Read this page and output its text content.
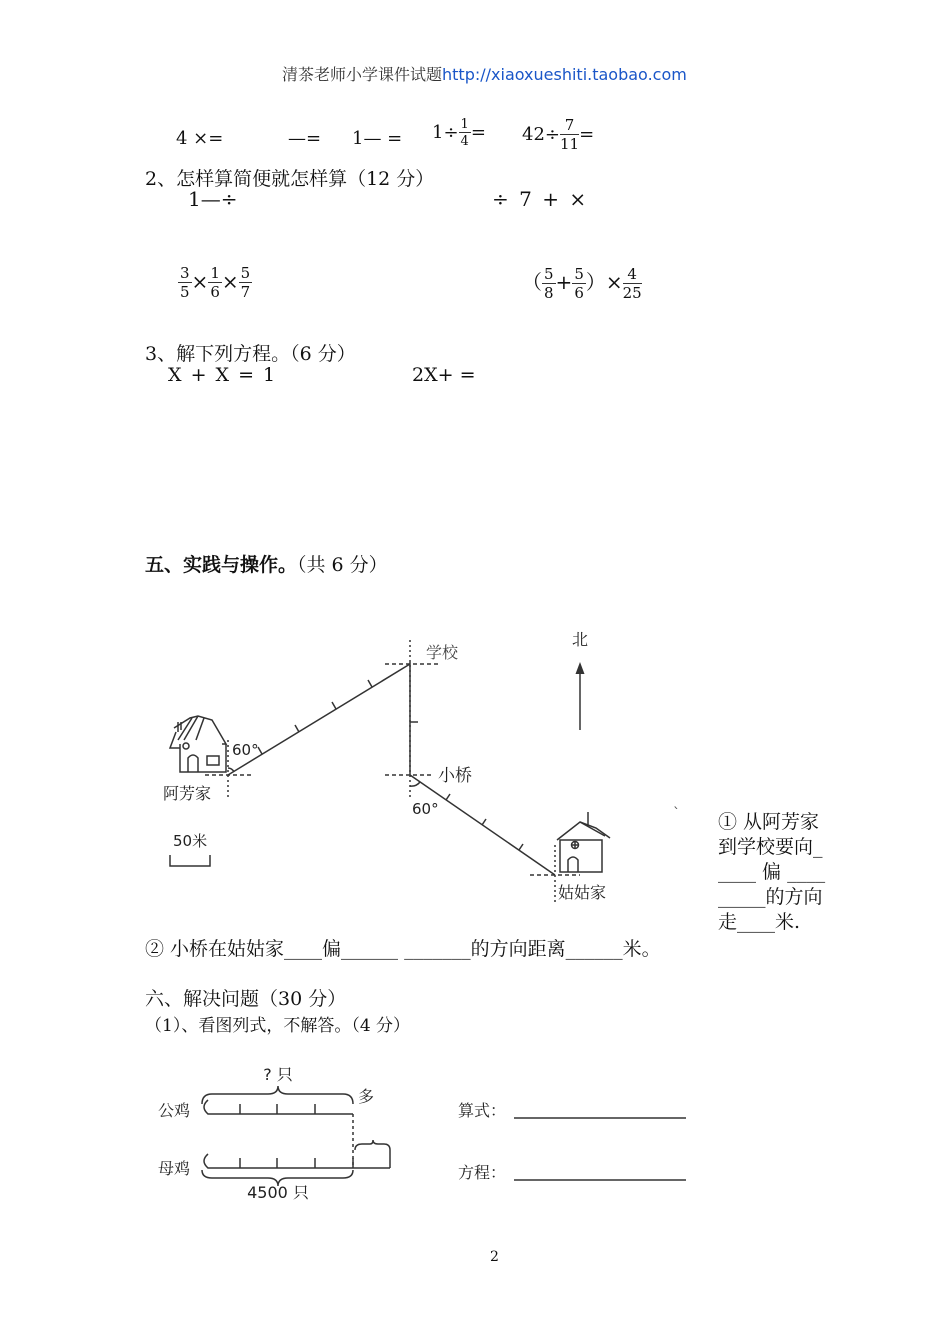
清茶老师小学课件试题http://xiaoxueshiti.taobao.com
4 ×=	—= 1— = $1\div \frac{1}{4} = 42\div \frac{7}{11}$ =
2、怎样算简便就怎样算（12 分）
1—÷	÷ 7 + ×
$\frac{3}{5} \times \frac{1}{6} \times \frac{5}{7}$	（ $\frac{5}{8} + \frac{5}{6}$ ）× $\frac{4}{25}$
3、解下列方程。（6 分）
X + X = 1	2X+ =
五、实践与操作。（共 6 分）
北
学校
小桥
阿芳家
姑姑家
60°
60°
50米
` ① 从阿芳家
到学校要向_
____ 偏 ____
_____的方向
走____米.
② 小桥在姑姑家____偏______ _______的方向距离______米。
六、解决问题（30 分）
（1）、看图列式，不解答。（4 分）
? 只
公鸡
母鸡
多
4500 只
算式：
方程：
2
